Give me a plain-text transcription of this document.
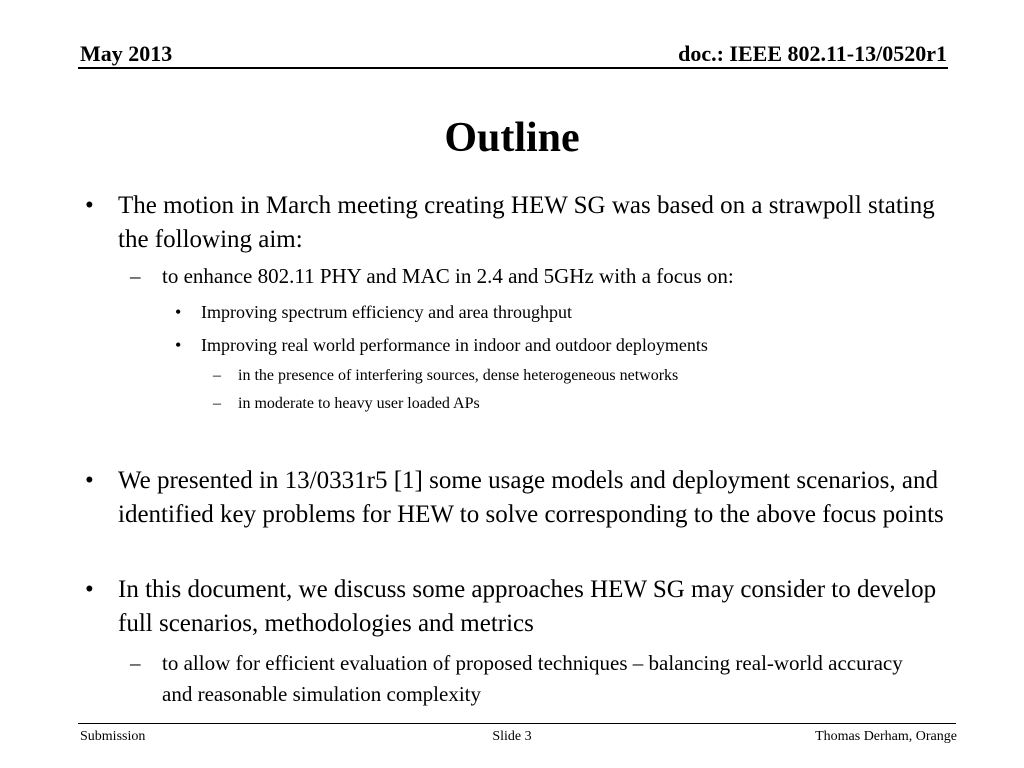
May 2013	doc.: IEEE 802.11-13/0520r1
Outline
• The motion in March meeting creating HEW SG was based on a strawpoll stating the following aim:
–	to enhance 802.11 PHY and MAC in 2.4 and 5GHz with a focus on:
•	Improving spectrum efficiency and area throughput
•	Improving real world performance in indoor and outdoor deployments
–	in the presence of interfering sources, dense heterogeneous networks
–	in moderate to heavy user loaded APs
• We presented in 13/0331r5 [1] some usage models and deployment scenarios, and identified key problems for HEW to solve corresponding to the above focus points
• In this document, we discuss some approaches HEW SG may consider to develop full scenarios, methodologies and metrics
–	to allow for efficient evaluation of proposed techniques – balancing real-world accuracy and reasonable simulation complexity
Submission	Slide 3	Thomas Derham, Orange
